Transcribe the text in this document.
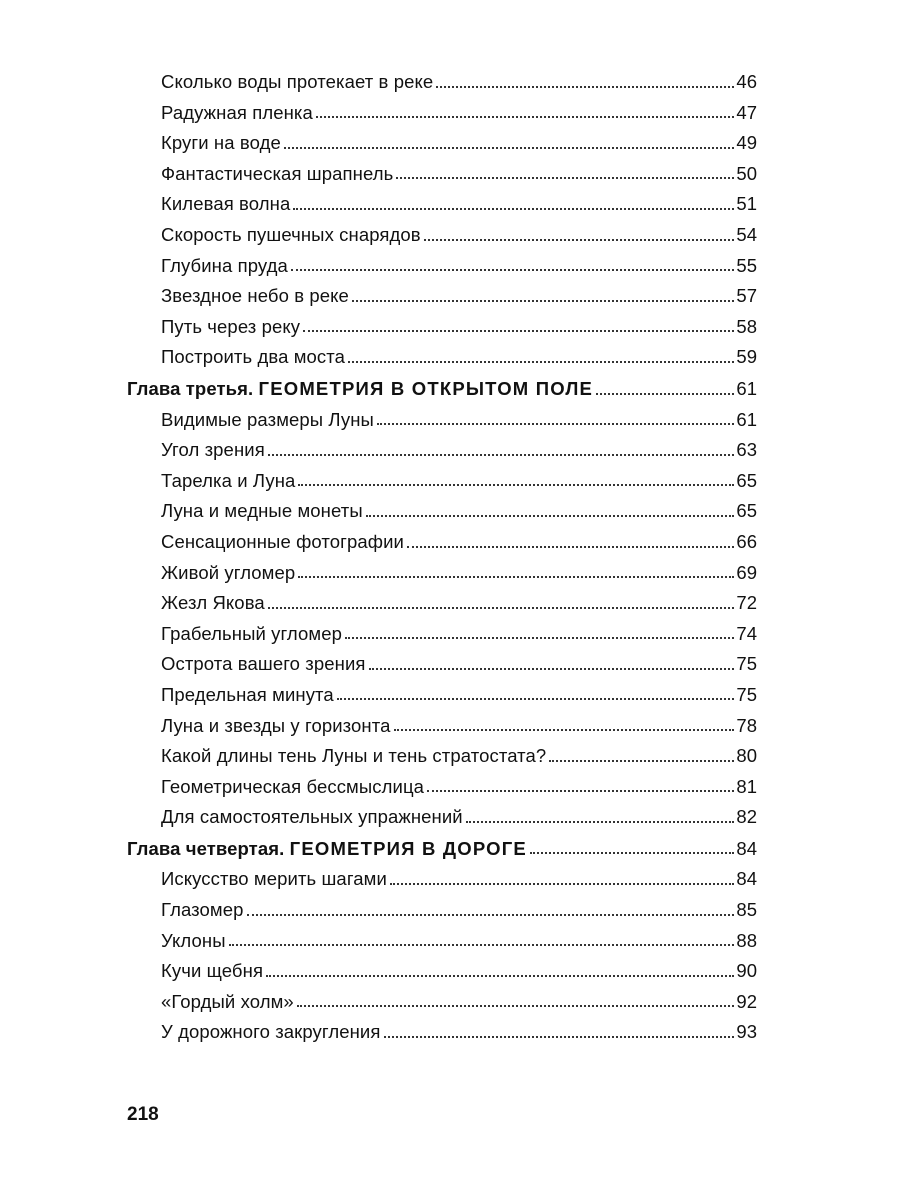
Сколько воды протекает в реке	46
Радужная пленка	47
Круги на воде	49
Фантастическая шрапнель	50
Килевая волна	51
Скорость пушечных снарядов	54
Глубина пруда	55
Звездное небо в реке	57
Путь через реку	58
Построить два моста	59
Глава третья. ГЕОМЕТРИЯ В ОТКРЫТОМ ПОЛЕ	61
Видимые размеры Луны	61
Угол зрения	63
Тарелка и Луна	65
Луна и медные монеты	65
Сенсационные фотографии	66
Живой угломер	69
Жезл Якова	72
Грабельный угломер	74
Острота вашего зрения	75
Предельная минута	75
Луна и звезды у горизонта	78
Какой длины тень Луны и тень стратостата?	80
Геометрическая бессмыслица	81
Для самостоятельных упражнений	82
Глава четвертая. ГЕОМЕТРИЯ В ДОРОГЕ	84
Искусство мерить шагами	84
Глазомер	85
Уклоны	88
Кучи щебня	90
«Гордый холм»	92
У дорожного закругления	93
218
